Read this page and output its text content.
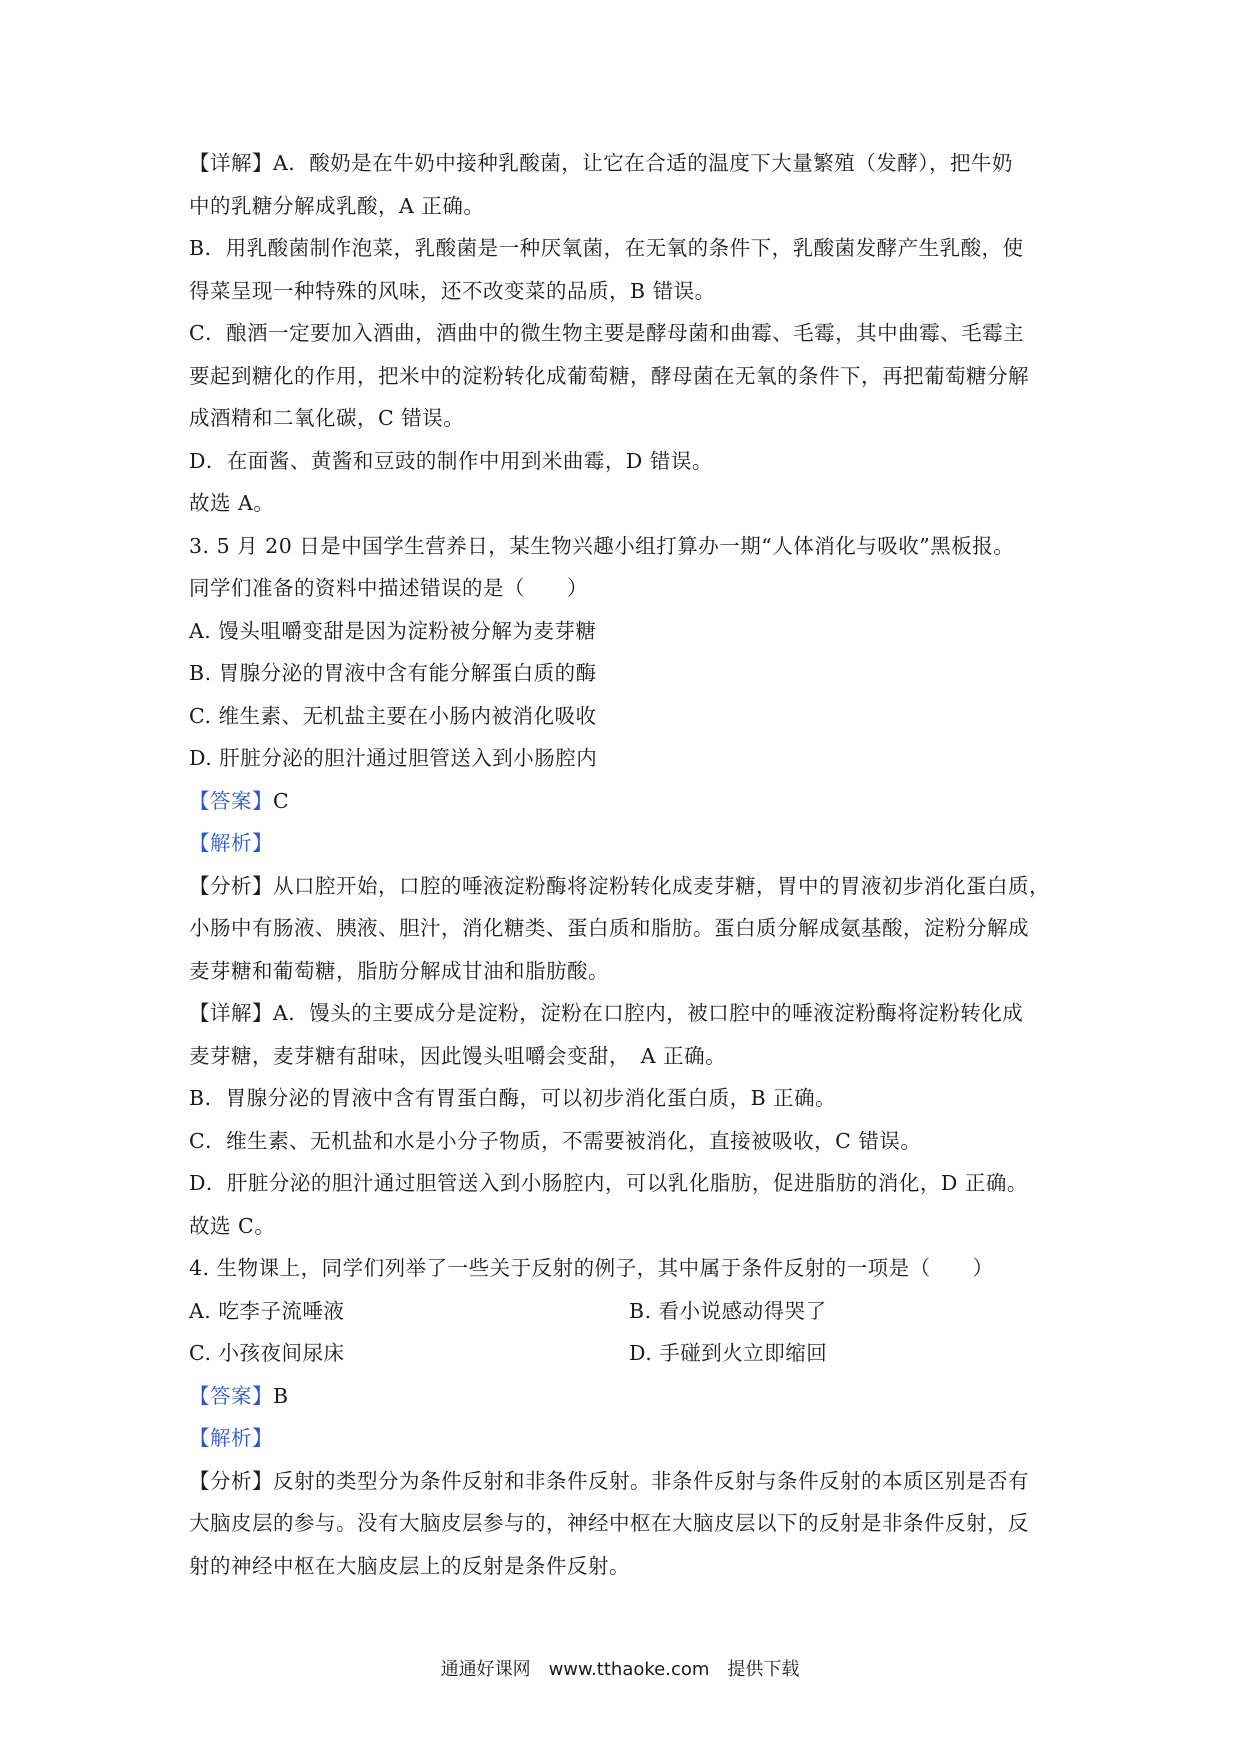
【详解】A．酸奶是在牛奶中接种乳酸菌，让它在合适的温度下大量繁殖（发酵），把牛奶
中的乳糖分解成乳酸，A 正确。
B．用乳酸菌制作泡菜，乳酸菌是一种厌氧菌，在无氧的条件下，乳酸菌发酵产生乳酸，使
得菜呈现一种特殊的风味，还不改变菜的品质，B 错误。
C．酿酒一定要加入酒曲，酒曲中的微生物主要是酵母菌和曲霉、毛霉，其中曲霉、毛霉主
要起到糖化的作用，把米中的淀粉转化成葡萄糖，酵母菌在无氧的条件下，再把葡萄糖分解
成酒精和二氧化碳，C 错误。
D．在面酱、黄酱和豆豉的制作中用到米曲霉，D 错误。
故选 A。
3. 5 月 20 日是中国学生营养日，某生物兴趣小组打算办一期“人体消化与吸收”黑板报。
同学们准备的资料中描述错误的是（　　）
A. 馒头咀嚼变甜是因为淀粉被分解为麦芽糖
B. 胃腺分泌的胃液中含有能分解蛋白质的酶
C. 维生素、无机盐主要在小肠内被消化吸收
D. 肝脏分泌的胆汁通过胆管送入到小肠腔内
【答案】C
【解析】
【分析】从口腔开始，口腔的唾液淀粉酶将淀粉转化成麦芽糖，胃中的胃液初步消化蛋白质，
小肠中有肠液、胰液、胆汁，消化糖类、蛋白质和脂肪。蛋白质分解成氨基酸，淀粉分解成
麦芽糖和葡萄糖，脂肪分解成甘油和脂肪酸。
【详解】A．馒头的主要成分是淀粉，淀粉在口腔内，被口腔中的唾液淀粉酶将淀粉转化成
麦芽糖，麦芽糖有甜味，因此馒头咀嚼会变甜，　A 正确。
B．胃腺分泌的胃液中含有胃蛋白酶，可以初步消化蛋白质，B 正确。
C．维生素、无机盐和水是小分子物质，不需要被消化，直接被吸收，C 错误。
D．肝脏分泌的胆汁通过胆管送入到小肠腔内，可以乳化脂肪，促进脂肪的消化，D 正确。
故选 C。
4. 生物课上，同学们列举了一些关于反射的例子，其中属于条件反射的一项是（　　）
A. 吃李子流唾液	B. 看小说感动得哭了
C. 小孩夜间尿床	D. 手碰到火立即缩回
【答案】B
【解析】
【分析】反射的类型分为条件反射和非条件反射。非条件反射与条件反射的本质区别是否有
大脑皮层的参与。没有大脑皮层参与的，神经中枢在大脑皮层以下的反射是非条件反射，反
射的神经中枢在大脑皮层上的反射是条件反射。
通通好课网　www.tthaoke.com　提供下载
